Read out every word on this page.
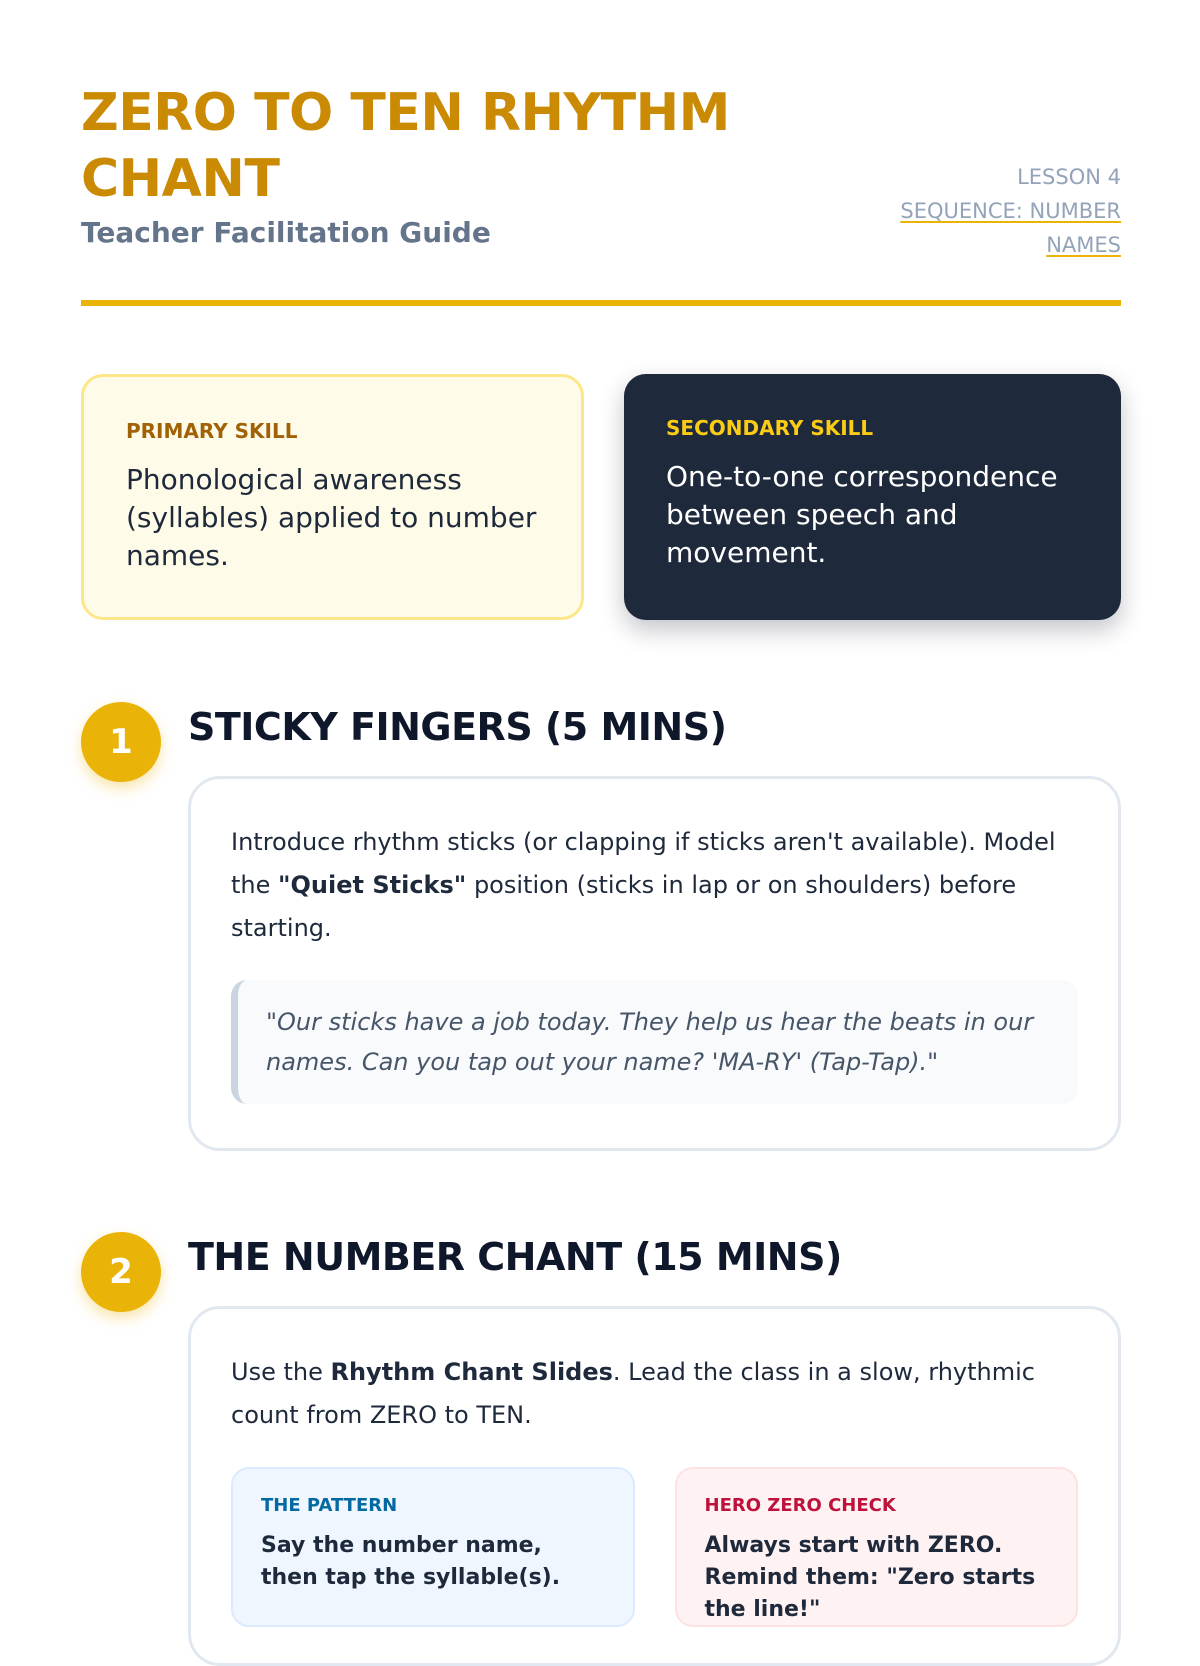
ZERO TO TEN RHYTHM CHANT
Teacher Facilitation Guide
LESSON 4
SEQUENCE: NUMBER NAMES
PRIMARY SKILL
Phonological awareness (syllables) applied to number names.
SECONDARY SKILL
One-to-one correspondence between speech and movement.
1	STICKY FINGERS (5 MINS)

Introduce rhythm sticks (or clapping if sticks aren't available). Model the "Quiet Sticks" position (sticks in lap or on shoulders) before starting.

"Our sticks have a job today. They help us hear the beats in our names. Can you tap out your name? 'MA-RY' (Tap-Tap)."
2	THE NUMBER CHANT (15 MINS)

Use the Rhythm Chant Slides. Lead the class in a slow, rhythmic count from ZERO to TEN.

THE PATTERN
Say the number name, then tap the syllable(s).
HERO ZERO CHECK
Always start with ZERO. Remind them: "Zero starts the line!"
